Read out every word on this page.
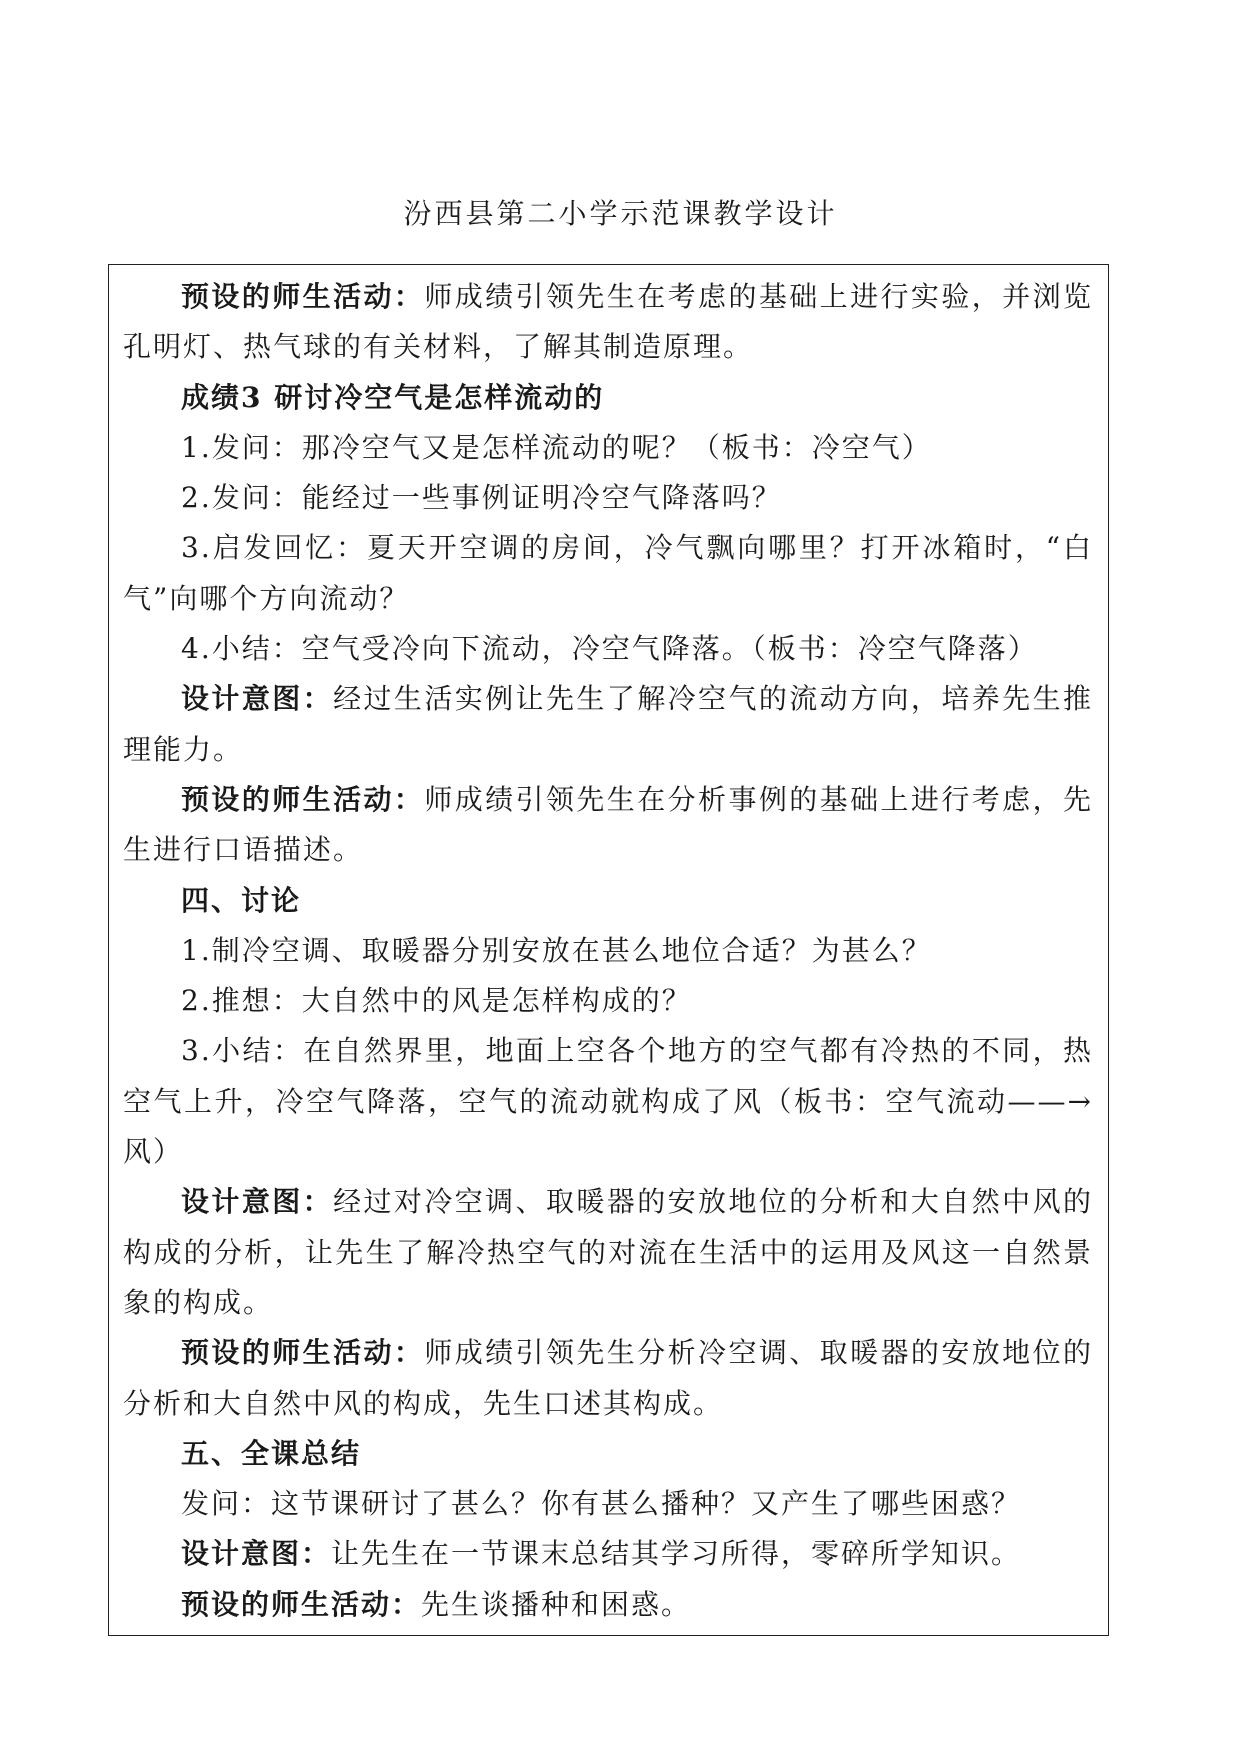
汾西县第二小学示范课教学设计
预设的师生活动：师成绩引领先生在考虑的基础上进行实验，并浏览
孔明灯、热气球的有关材料，了解其制造原理。
成绩3 研讨冷空气是怎样流动的
1.发问：那冷空气又是怎样流动的呢？（板书：冷空气）
2.发问：能经过一些事例证明冷空气降落吗？
3.启发回忆：夏天开空调的房间，冷气飘向哪里？打开冰箱时，“白
气”向哪个方向流动？
4.小结：空气受冷向下流动，冷空气降落。（板书：冷空气降落）
设计意图：经过生活实例让先生了解冷空气的流动方向，培养先生推
理能力。
预设的师生活动：师成绩引领先生在分析事例的基础上进行考虑，先
生进行口语描述。
四、讨论
1.制冷空调、取暖器分别安放在甚么地位合适？为甚么？
2.推想：大自然中的风是怎样构成的？
3.小结：在自然界里，地面上空各个地方的空气都有冷热的不同，热
空气上升，冷空气降落，空气的流动就构成了风（板书：空气流动——→
风）
设计意图：经过对冷空调、取暖器的安放地位的分析和大自然中风的
构成的分析，让先生了解冷热空气的对流在生活中的运用及风这一自然景
象的构成。
预设的师生活动：师成绩引领先生分析冷空调、取暖器的安放地位的
分析和大自然中风的构成，先生口述其构成。
五、全课总结
发问：这节课研讨了甚么？你有甚么播种？又产生了哪些困惑？
设计意图：让先生在一节课末总结其学习所得，零碎所学知识。
预设的师生活动：先生谈播种和困惑。
